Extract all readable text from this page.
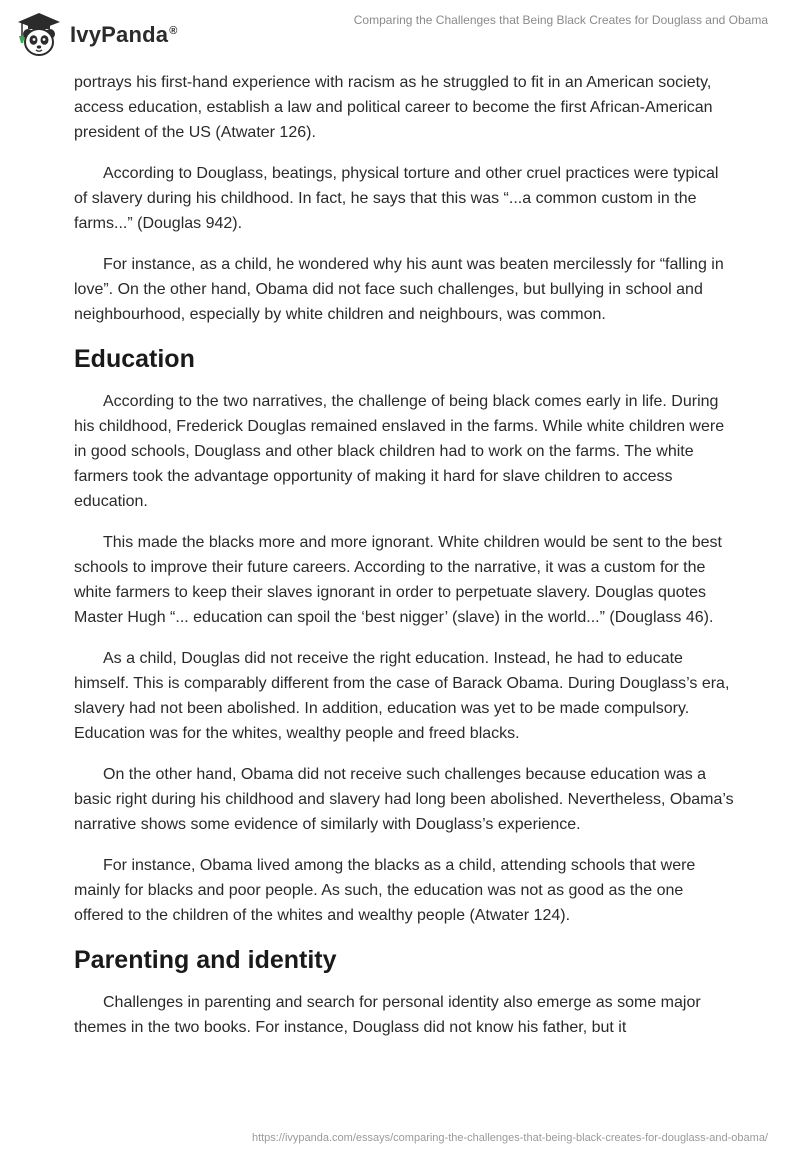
IvyPanda®
Comparing the Challenges that Being Black Creates for Douglass and Obama

portrays his first-hand experience with racism as he struggled to fit in an American society, access education, establish a law and political career to become the first African-American president of the US (Atwater 126).

According to Douglass, beatings, physical torture and other cruel practices were typical of slavery during his childhood. In fact, he says that this was “...a common custom in the farms...” (Douglas 942).

For instance, as a child, he wondered why his aunt was beaten mercilessly for “falling in love”. On the other hand, Obama did not face such challenges, but bullying in school and neighbourhood, especially by white children and neighbours, was common.

Education

According to the two narratives, the challenge of being black comes early in life. During his childhood, Frederick Douglas remained enslaved in the farms. While white children were in good schools, Douglass and other black children had to work on the farms. The white farmers took the advantage opportunity of making it hard for slave children to access education.

This made the blacks more and more ignorant. White children would be sent to the best schools to improve their future careers. According to the narrative, it was a custom for the white farmers to keep their slaves ignorant in order to perpetuate slavery. Douglas quotes Master Hugh “... education can spoil the ‘best nigger’ (slave) in the world...” (Douglass 46).

As a child, Douglas did not receive the right education. Instead, he had to educate himself. This is comparably different from the case of Barack Obama. During Douglass’s era, slavery had not been abolished. In addition, education was yet to be made compulsory. Education was for the whites, wealthy people and freed blacks.

On the other hand, Obama did not receive such challenges because education was a basic right during his childhood and slavery had long been abolished. Nevertheless, Obama’s narrative shows some evidence of similarly with Douglass’s experience.

For instance, Obama lived among the blacks as a child, attending schools that were mainly for blacks and poor people. As such, the education was not as good as the one offered to the children of the whites and wealthy people (Atwater 124).

Parenting and identity

Challenges in parenting and search for personal identity also emerge as some major themes in the two books. For instance, Douglass did not know his father, but it

https://ivypanda.com/essays/comparing-the-challenges-that-being-black-creates-for-douglass-and-obama/
